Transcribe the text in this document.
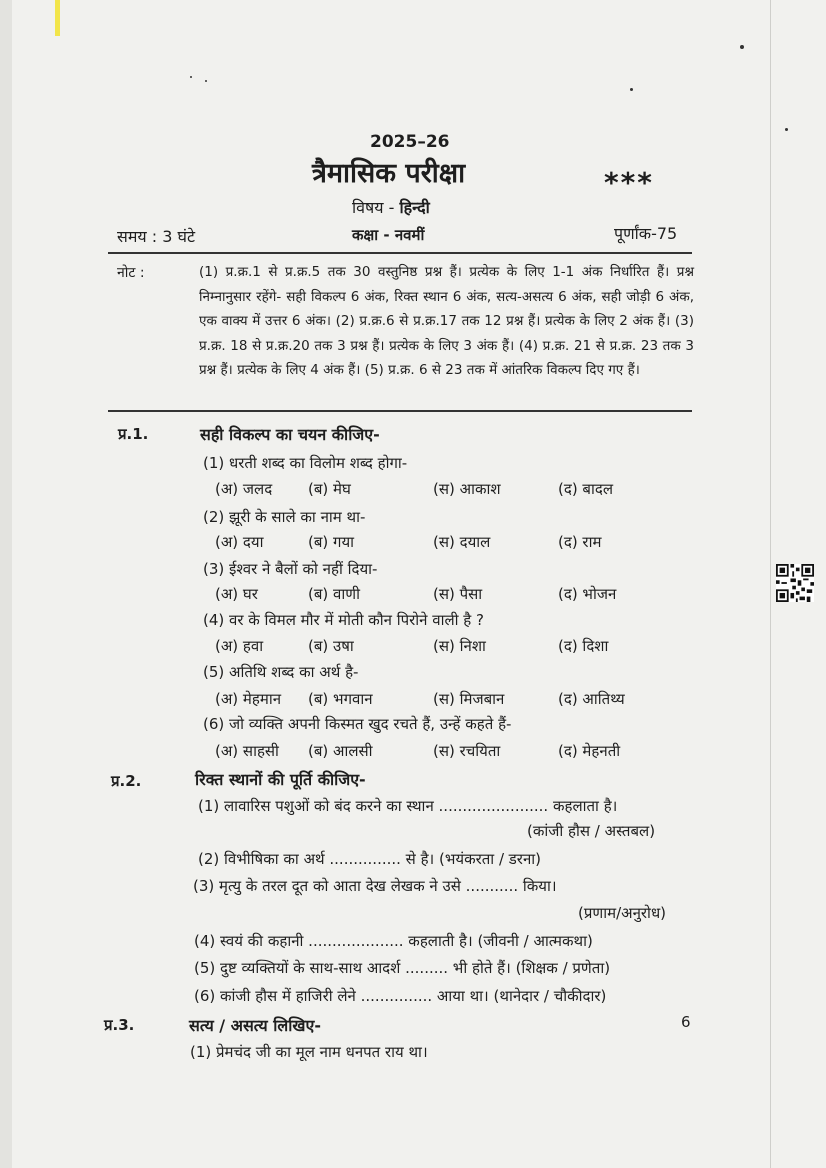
2025–26
त्रैमासिक परीक्षा	***
विषय - हिन्दी
समय : 3 घंटे	कक्षा - नवमीं	पूर्णांक-75
नोट :	(1) प्र.क्र.1 से प्र.क्र.5 तक 30 वस्तुनिष्ठ प्रश्न हैं। प्रत्येक के लिए 1-1 अंक निर्धारित हैं। प्रश्न निम्नानुसार रहेंगे- सही विकल्प 6 अंक, रिक्त स्थान 6 अंक, सत्य-असत्य 6 अंक, सही जोड़ी 6 अंक, एक वाक्य में उत्तर 6 अंक। (2) प्र.क्र.6 से प्र.क्र.17 तक 12 प्रश्न हैं। प्रत्येक के लिए 2 अंक हैं। (3) प्र.क्र. 18 से प्र.क्र.20 तक 3 प्रश्न हैं। प्रत्येक के लिए 3 अंक हैं। (4) प्र.क्र. 21 से प्र.क्र. 23 तक 3 प्रश्न हैं। प्रत्येक के लिए 4 अंक हैं। (5) प्र.क्र. 6 से 23 तक में आंतरिक विकल्प दिए गए हैं।
प्र.1.	सही विकल्प का चयन कीजिए-
(1) धरती शब्द का विलोम शब्द होगा-
(अ) जलद (ब) मेघ	(स) आकाश	(द) बादल
(2) झूरी के साले का नाम था-
(अ) दया	(ब) गया	(स) दयाल	(द) राम
(3) ईश्वर ने बैलों को नहीं दिया-
(अ) घर	(ब) वाणी	(स) पैसा	(द) भोजन
(4) वर के विमल मौर में मोती कौन पिरोने वाली है ?
(अ) हवा	(ब) उषा	(स) निशा	(द) दिशा
(5) अतिथि शब्द का अर्थ है-
(अ) मेहमान (ब) भगवान	(स) मिजबान	(द) आतिथ्य
(6) जो व्यक्ति अपनी किस्मत खुद रचते हैं, उन्हें कहते हैं-
(अ) साहसी (ब) आलसी	(स) रचयिता	(द) मेहनती
प्र.2.	रिक्त स्थानों की पूर्ति कीजिए-
(1) लावारिस पशुओं को बंद करने का स्थान ....................... कहलाता है।
(कांजी हौस / अस्तबल)
(2) विभीषिका का अर्थ ............... से है। (भयंकरता / डरना)
(3) मृत्यु के तरल दूत को आता देख लेखक ने उसे ........... किया।
(प्रणाम/अनुरोध)
(4) स्वयं की कहानी .................... कहलाती है। (जीवनी / आत्मकथा)
(5) दुष्ट व्यक्तियों के साथ-साथ आदर्श ......... भी होते हैं। (शिक्षक / प्रणेता)
(6) कांजी हौस में हाजिरी लेने ............... आया था। (थानेदार / चौकीदार)
प्र.3.	सत्य / असत्य लिखिए-	6
(1) प्रेमचंद जी का मूल नाम धनपत राय था।
